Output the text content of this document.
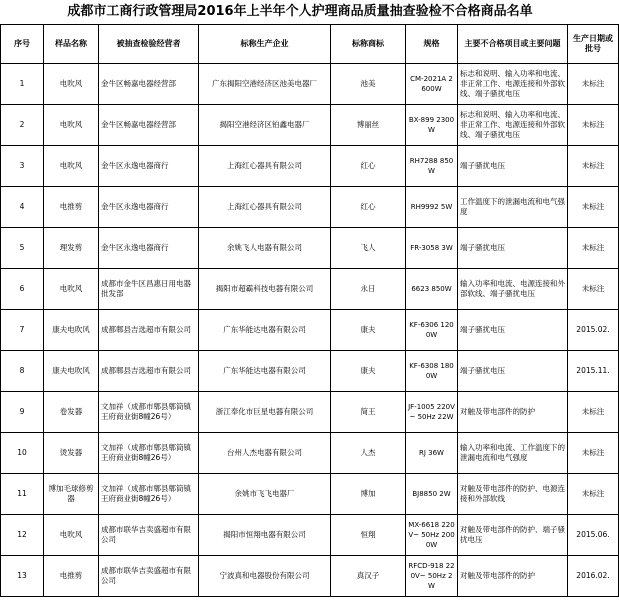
成都市工商行政管理局2016年上半年个人护理商品质量抽查验检不合格商品名单
序号	样品名称	被抽查检验经营者	标称生产企业	标称商标	规格	主要不合格项目或主要问题	生产日期或批号
1	电吹风	金牛区畅嘉电器经营部	广东揭阳空港经济区池美电器厂	池美	CM-2021A 2600W	标志和说明、输入功率和电流、非正常工作、电源连接和外部软线、端子骚扰电压	未标注
2	电吹风	金牛区畅嘉电器经营部	揭阳空港经济区铂鑫电器厂	博丽丝	BX-899 2300W	标志和说明、输入功率和电流、非正常工作、电源连接和外部软线、端子骚扰电压	未标注
3	电吹风	金牛区永逸电器商行	上海红心器具有限公司	红心	RH7288 850W	端子骚扰电压	未标注
4	电推剪	金牛区永逸电器商行	上海红心器具有限公司	红心	RH9992 5W	工作温度下的泄漏电流和电气强度	未标注
5	理发剪	金牛区永逸电器商行	余姚飞人电器有限公司	飞人	FR-3058 3W	端子骚扰电压	未标注
6	电吹风	成都市金牛区昌惠日用电器批发部	揭阳市超霸科技电器有限公司	永日	6623 850W	输入功率和电流、电源连接和外部软线、端子骚扰电压	未标注
7	康夫电吹风	成都郫县吉选超市有限公司	广东华能达电器有限公司	康夫	KF-6306 1200W	端子骚扰电压	2015.02.
8	康夫电吹风	成都郫县吉选超市有限公司	广东华能达电器有限公司	康夫	KF-6308 1800W	端子骚扰电压	2015.11.
9	卷发器	文加祥（成都市郫县郫筒镇王府商业街8幢26号）	浙江奉化市巨星电器有限公司	简王	JF-1005 220V~ 50Hz 22W	对触及带电部件的防护	未标注
10	烫发器	文加祥（成都市郫县郫筒镇王府商业街8幢26号）	台州人杰电器有限公司	人杰	RJ 36W	输入功率和电流、工作温度下的泄漏电流和电气强度	未标注
11	博加毛球修剪器	文加祥（成都市郫县郫筒镇王府商业街8幢26号）	余姚市飞飞电器厂	博加	BJ8850 2W	对触及带电部件的防护、电源连接和外部软线	未标注
12	电吹风	成都市联华吉卖盛超市有限公司	揭阳市恒翔电器有限公司	恒翔	MX-6618 220V~ 50Hz 2000W	对触及带电部件的防护、端子骚扰电压	2015.06.
13	电推剪	成都市联华吉卖盛超市有限公司	宁波真和电器股份有限公司	真汉子	RFCD-918 220V~ 50Hz 2W	对触及带电部件的防护	2016.02.
